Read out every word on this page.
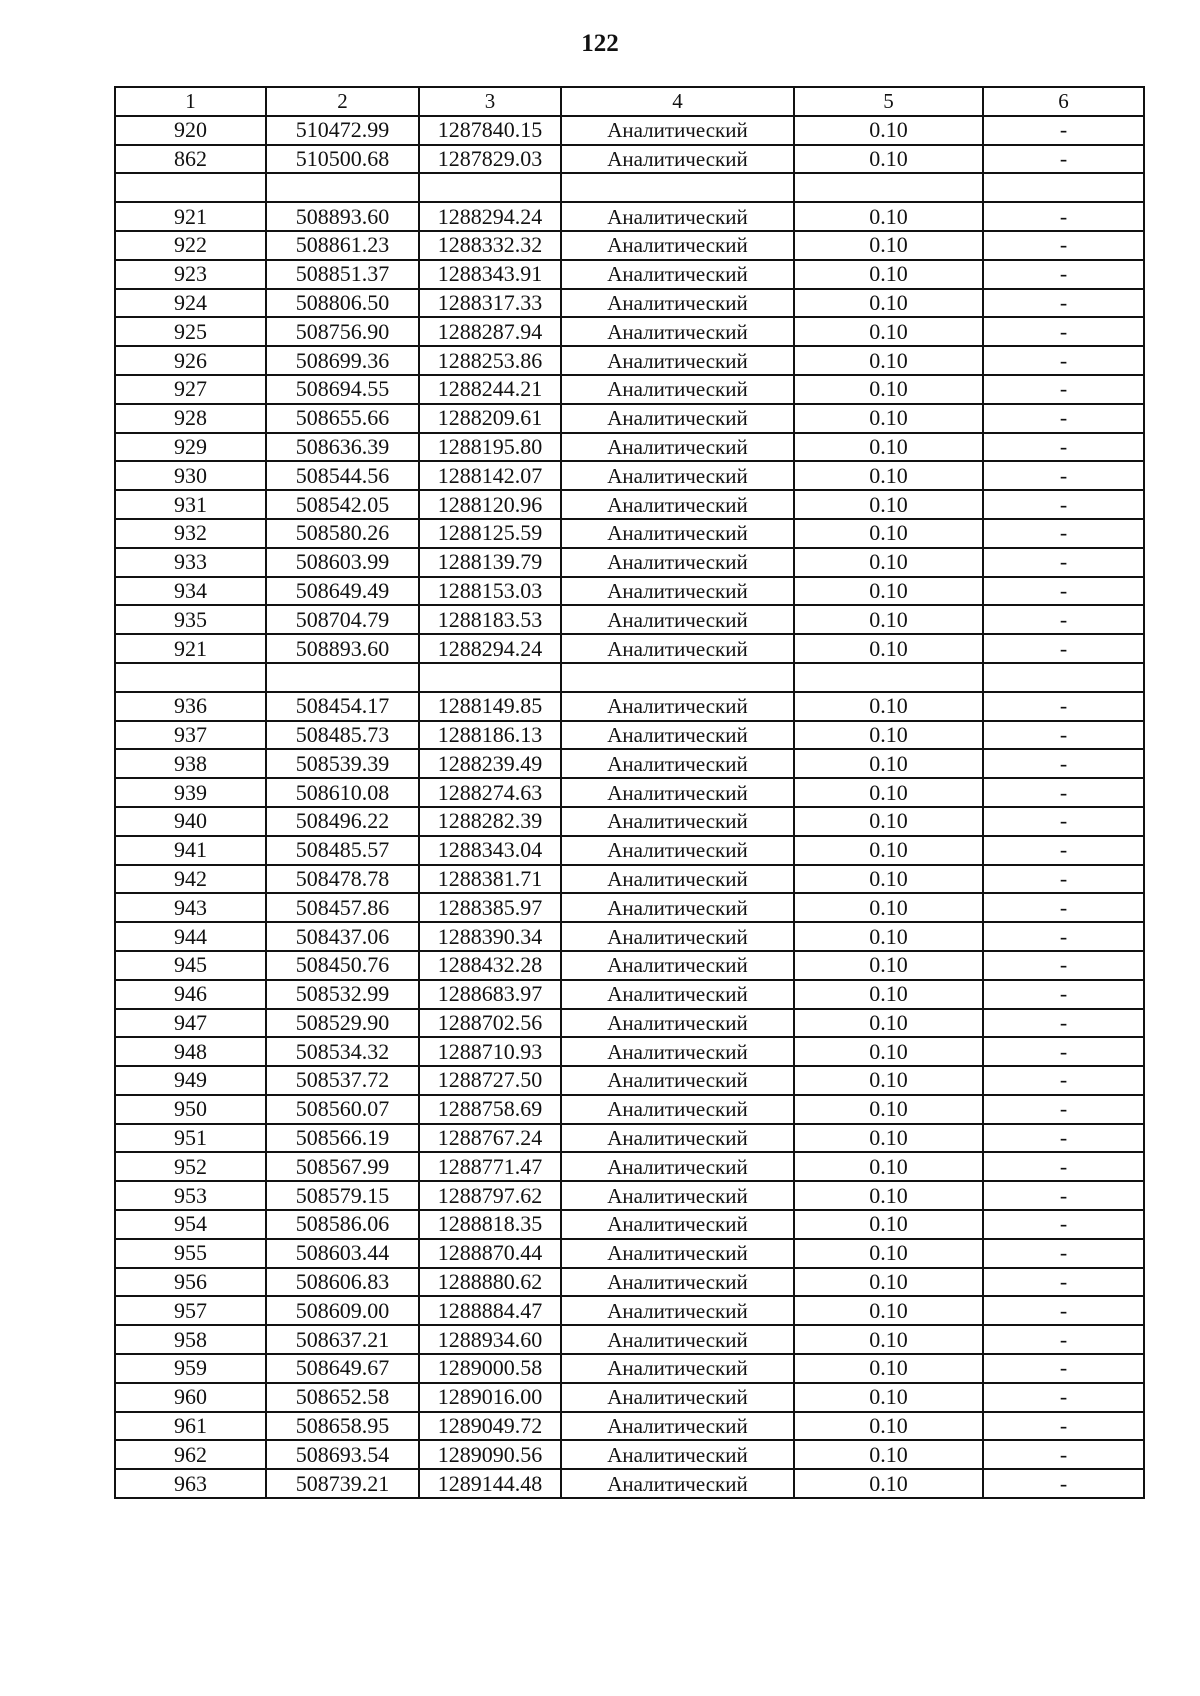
122
1	2	3	4	5	6
920	510472.99	1287840.15	Аналитический	0.10	-
862	510500.68	1287829.03	Аналитический	0.10	-

921	508893.60	1288294.24	Аналитический	0.10	-
922	508861.23	1288332.32	Аналитический	0.10	-
923	508851.37	1288343.91	Аналитический	0.10	-
924	508806.50	1288317.33	Аналитический	0.10	-
925	508756.90	1288287.94	Аналитический	0.10	-
926	508699.36	1288253.86	Аналитический	0.10	-
927	508694.55	1288244.21	Аналитический	0.10	-
928	508655.66	1288209.61	Аналитический	0.10	-
929	508636.39	1288195.80	Аналитический	0.10	-
930	508544.56	1288142.07	Аналитический	0.10	-
931	508542.05	1288120.96	Аналитический	0.10	-
932	508580.26	1288125.59	Аналитический	0.10	-
933	508603.99	1288139.79	Аналитический	0.10	-
934	508649.49	1288153.03	Аналитический	0.10	-
935	508704.79	1288183.53	Аналитический	0.10	-
921	508893.60	1288294.24	Аналитический	0.10	-

936	508454.17	1288149.85	Аналитический	0.10	-
937	508485.73	1288186.13	Аналитический	0.10	-
938	508539.39	1288239.49	Аналитический	0.10	-
939	508610.08	1288274.63	Аналитический	0.10	-
940	508496.22	1288282.39	Аналитический	0.10	-
941	508485.57	1288343.04	Аналитический	0.10	-
942	508478.78	1288381.71	Аналитический	0.10	-
943	508457.86	1288385.97	Аналитический	0.10	-
944	508437.06	1288390.34	Аналитический	0.10	-
945	508450.76	1288432.28	Аналитический	0.10	-
946	508532.99	1288683.97	Аналитический	0.10	-
947	508529.90	1288702.56	Аналитический	0.10	-
948	508534.32	1288710.93	Аналитический	0.10	-
949	508537.72	1288727.50	Аналитический	0.10	-
950	508560.07	1288758.69	Аналитический	0.10	-
951	508566.19	1288767.24	Аналитический	0.10	-
952	508567.99	1288771.47	Аналитический	0.10	-
953	508579.15	1288797.62	Аналитический	0.10	-
954	508586.06	1288818.35	Аналитический	0.10	-
955	508603.44	1288870.44	Аналитический	0.10	-
956	508606.83	1288880.62	Аналитический	0.10	-
957	508609.00	1288884.47	Аналитический	0.10	-
958	508637.21	1288934.60	Аналитический	0.10	-
959	508649.67	1289000.58	Аналитический	0.10	-
960	508652.58	1289016.00	Аналитический	0.10	-
961	508658.95	1289049.72	Аналитический	0.10	-
962	508693.54	1289090.56	Аналитический	0.10	-
963	508739.21	1289144.48	Аналитический	0.10	-
